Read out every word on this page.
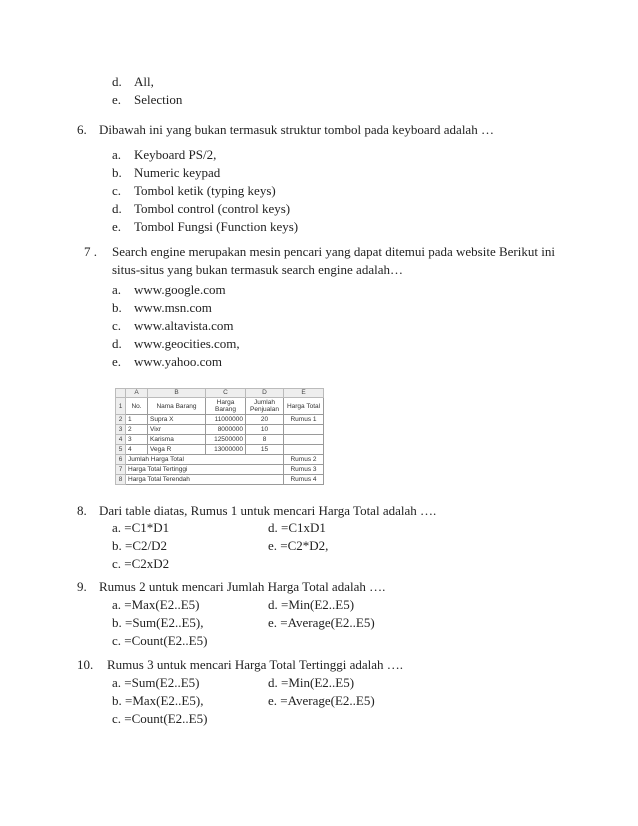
d. All,
e. Selection
6. Dibawah ini yang bukan termasuk struktur tombol pada keyboard adalah …
a. Keyboard PS/2,
b. Numeric keypad
c. Tombol ketik (typing keys)
d. Tombol control (control keys)
e. Tombol Fungsi (Function keys)
7 . Search engine merupakan mesin pencari yang dapat ditemui pada website Berikut ini
situs-situs yang bukan termasuk search engine adalah…
a. www.google.com
b. www.msn.com
c. www.altavista.com
d. www.geocities.com,
e. www.yahoo.com
	A	B	C	D	E
1	No.	Nama Barang	Harga Barang	Jumlah Penjualan	Harga Total
2	1	Supra X	11000000	20	Rumus 1
3	2	Vixr	8000000	10	
4	3	Karisma	12500000	8	
5	4	Vega R	13000000	15	
6	Jumlah Harga Total				Rumus 2
7	Harga Total Tertinggi				Rumus 3
8	Harga Total Terendah				Rumus 4
8. Dari table diatas, Rumus 1 untuk mencari Harga Total adalah ….
a. =C1*D1	d. =C1xD1
b. =C2/D2	e. =C2*D2,
c. =C2xD2
9. Rumus 2 untuk mencari Jumlah Harga Total adalah ….
a. =Max(E2..E5)	d. =Min(E2..E5)
b. =Sum(E2..E5),	e. =Average(E2..E5)
c. =Count(E2..E5)
10. Rumus 3 untuk mencari Harga Total Tertinggi adalah ….
a. =Sum(E2..E5)	d. =Min(E2..E5)
b. =Max(E2..E5),	e. =Average(E2..E5)
c. =Count(E2..E5)
